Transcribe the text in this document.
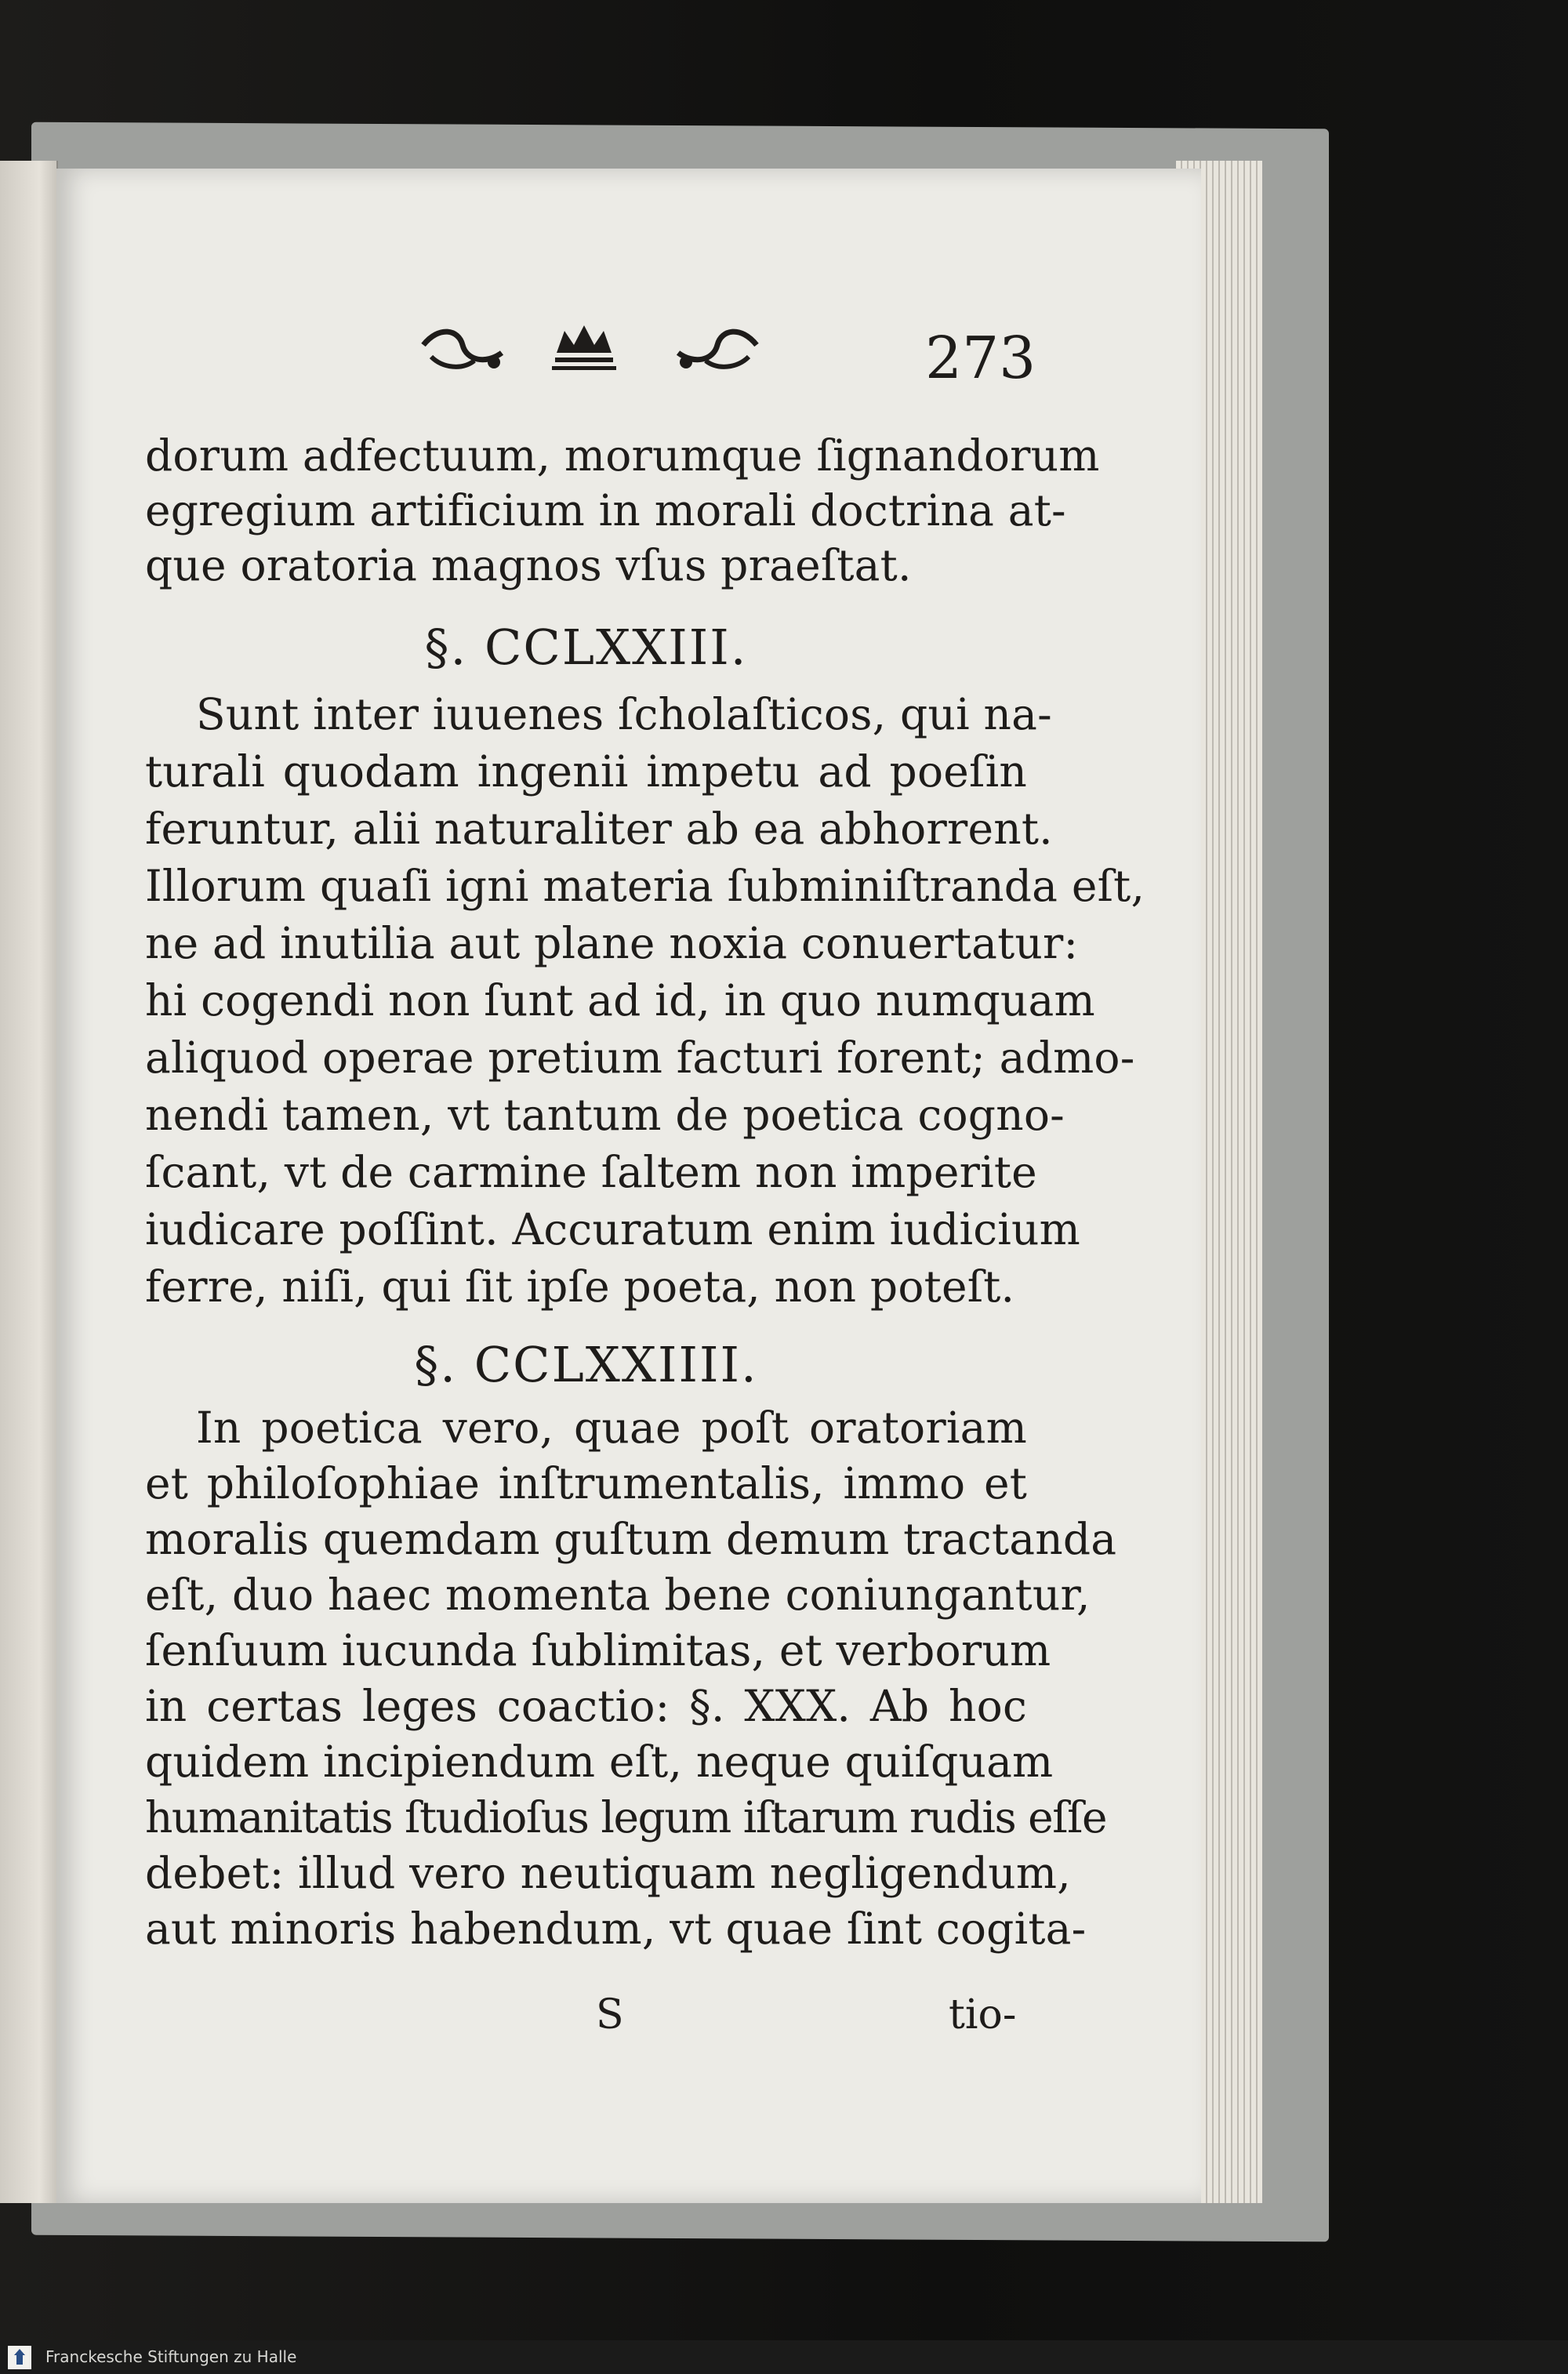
273
dorum adfectuum, morumque ſignandorum
egregium artificium in morali doctrina at-
que oratoria magnos vſus praeſtat.
§. CCLXXIII.
Sunt inter iuuenes ſcholaſticos, qui na-
turali quodam ingenii impetu ad poeſin
feruntur, alii naturaliter ab ea abhorrent.
Illorum quaſi igni materia ſubminiſtranda eſt,
ne ad inutilia aut plane noxia conuertatur:
hi cogendi non ſunt ad id, in quo numquam
aliquod operae pretium facturi forent; admo-
nendi tamen, vt tantum de poetica cogno-
ſcant, vt de carmine ſaltem non imperite
iudicare poſſint. Accuratum enim iudicium
ferre, niſi, qui ſit ipſe poeta, non poteſt.
§. CCLXXIIII.
In poetica vero, quae poſt oratoriam
et philoſophiae inſtrumentalis, immo et
moralis quemdam guſtum demum tractanda
eſt, duo haec momenta bene coniungantur,
ſenſuum iucunda ſublimitas, et verborum
in certas leges coactio: §. XXX. Ab hoc
quidem incipiendum eſt, neque quiſquam
humanitatis ſtudioſus legum iſtarum rudis eſſe
debet: illud vero neutiquam negligendum,
aut minoris habendum, vt quae ſint cogita-
S	tio-
Franckesche Stiftungen zu Halle
